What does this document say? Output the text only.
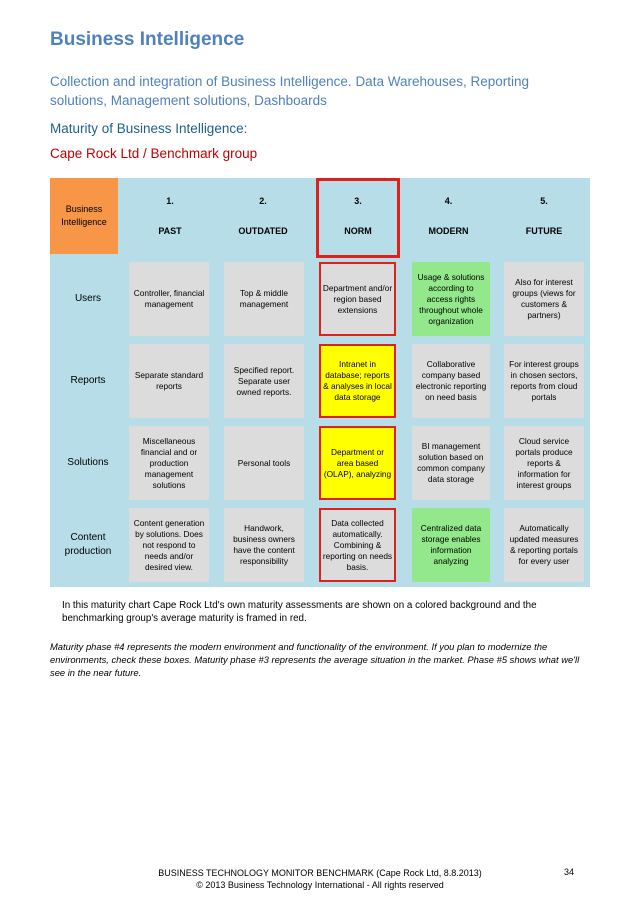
Business Intelligence
Collection and integration of Business Intelligence. Data Warehouses, Reporting solutions, Management solutions, Dashboards
Maturity of Business Intelligence:
Cape Rock Ltd / Benchmark group
Business Intelligence
1.

PAST
2.

OUTDATED
3.

NORM
4.

MODERN
5.

FUTURE
Users	Controller, financial management
Top & middle management
Department and/or region based extensions
Usage & solutions according to access rights throughout whole organization
Also for interest groups (views for customers & partners)
Reports	Separate standard reports
Specified report. Separate user owned reports.
Intranet in database; reports & analyses in local data storage
Collaborative company based electronic reporting on need basis
For interest groups in chosen sectors, reports from cloud portals
Solutions
Miscellaneous financial and or production management solutions
Personal tools
Department or area based (OLAP), analyzing
BI management solution based on common company data storage
Cloud service portals produce reports & information for interest groups
Content production
Content generation by solutions. Does not respond to needs and/or desired view.
Handwork, business owners have the content responsibility
Data collected automatically. Combining & reporting on needs basis.
Centralized data storage enables information analyzing
Automatically updated measures & reporting portals for every user
In this maturity chart Cape Rock Ltd's own maturity assessments are shown on a colored background and the benchmarking group's average maturity is framed in red.
Maturity phase #4 represents the modern environment and functionality of the environment. If you plan to modernize the environments, check these boxes. Maturity phase #3 represents the average situation in the market. Phase #5 shows what we'll see in the near future.
BUSINESS TECHNOLOGY MONITOR BENCHMARK (Cape Rock Ltd, 8.8.2013)
© 2013 Business Technology International - All rights reserved
34
